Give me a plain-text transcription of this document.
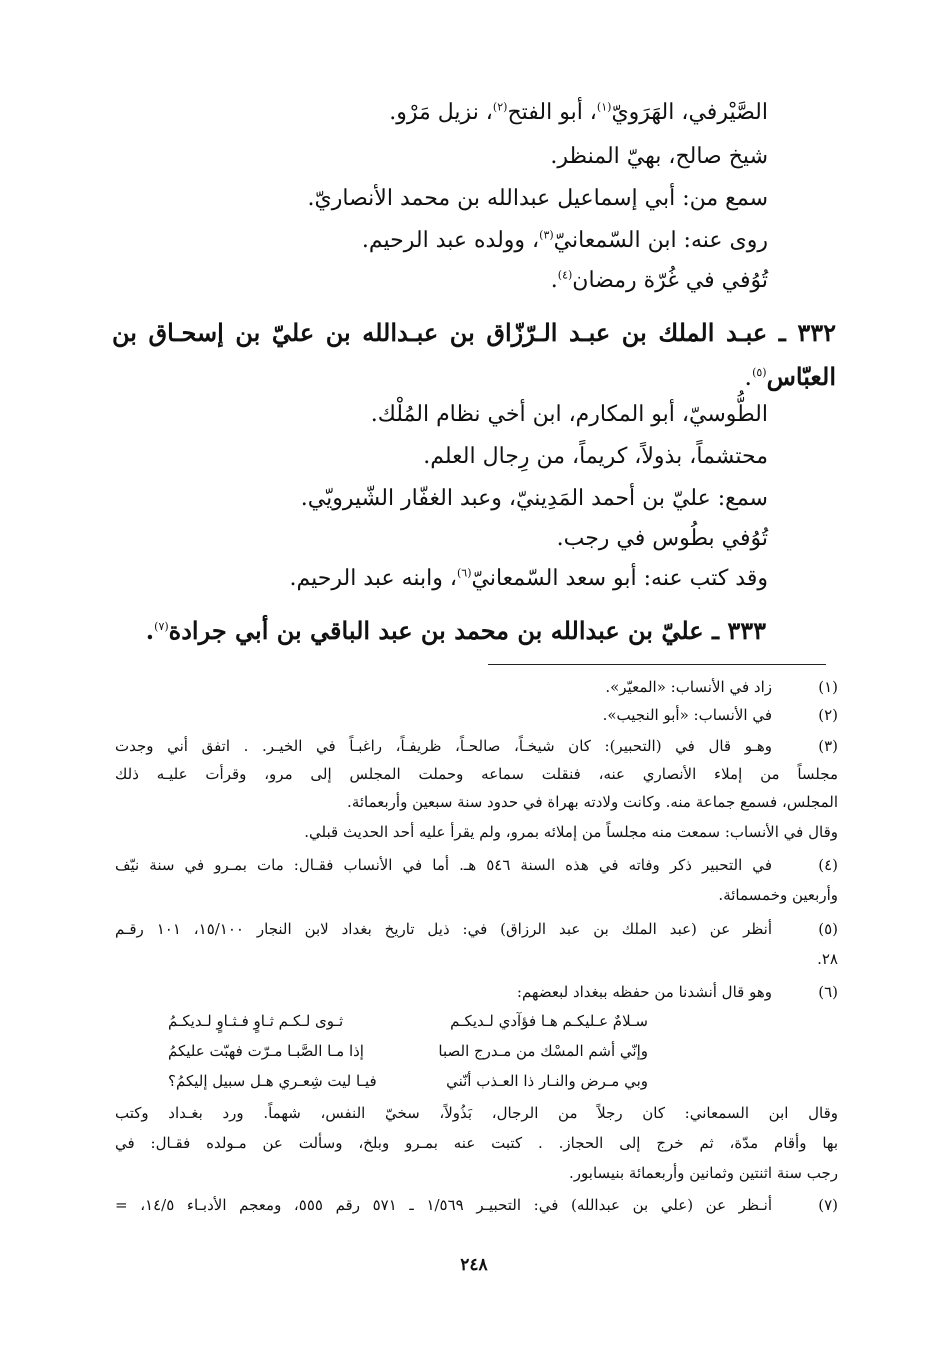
الصَّيْرفي، الهَرَويّ$^{(١)}$، أبو الفتح$^{(٢)}$، نزيل مَرْو.
شيخ صالح، بهيّ المنظر.
سمع من: أبي إسماعيل عبدالله بن محمد الأنصاريّ.
روى عنه: ابن السّمعانيّ$^{(٣)}$، وولده عبد الرحيم.
تُوُفي في غُرّة رمضان$^{(٤)}$.
٣٣٢ ـ عبـد الملك بن عبـد الـرّزّاق بن عبـدالله بن عليّ بن إسحـاق بن
العبّاس$^{(٥)}$.
الطُّوسيّ، أبو المكارم، ابن أخي نظام المُلْك.
محتشماً، بذولاً، كريماً، من رِجال العلم.
سمع: عليّ بن أحمد المَدِينيّ، وعبد الغفّار الشّيرويّي.
تُوُفي بطُوس في رجب.
وقد كتب عنه: أبو سعد السّمعانيّ$^{(٦)}$، وابنه عبد الرحيم.
٣٣٣ ـ عليّ بن عبدالله بن محمد بن عبد الباقي بن أبي جرادة$^{(٧)}$.
(١)
زاد في الأنساب: «المعيّر».
(٢)
في الأنساب: «أبو النجيب».
(٣)
وهـو قال في (التحبير): كان شيخـاً، صالحـاً، ظريفـاً، راغبـاً في الخيـر. . اتفق أني وجدت
مجلساً من إملاء الأنصاري عنه، فنقلت سماعه وحملت المجلس إلى مرو، وقرأت عليـه ذلك
المجلس، فسمع جماعة منه. وكانت ولادته بهراة في حدود سنة سبعين وأربعمائة.
وقال في الأنساب: سمعت منه مجلساً من إملائه بمرو، ولم يقرأ عليه أحد الحديث قبلي.
(٤)
في التحبير ذكر وفاته في هذه السنة ٥٤٦ هـ. أما في الأنساب فقـال: مات بمـرو في سنة نيّف
وأربعين وخمسمائة.
(٥)
أنظر عن (عبد الملك بن عبد الرزاق) في: ذيل تاريخ بغداد لابن النجار ١٥/١٠٠، ١٠١ رقـم
٢٨.
(٦)
وهو قال أنشدنا من حفظه ببغداد لبعضهم:
سـلامٌ عـليكـم هـا فؤآدي لـديكـم
ثـوى لـكـم ثـاوٍ فـثـاوٍ لـديكـمُ
وإنّي أشم المسْك من مـدرج الصبا
إذا مـا الصَّبـا مـرّت فهبّت عليكمُ
وبي مـرض والنـار ذا العـذب أنّني
فيـا ليت شِعـري هـل سبيل إليكمُ؟
وقال ابن السمعاني: كان رجلاً من الرجال، بَذُولاً، سخيّ النفس، شهماً. ورد بغـداد وكتب
بها وأقام مدّة، ثم خرج إلى الحجاز. . كتبت عنه بمـرو وبلخ، وسألت عن مـولده فقـال: في
رجب سنة اثنتين وثمانين وأربعمائة بنيسابور.
(٧)
أنـظر عن (علي بن عبدالله) في: التحبيـر ١/٥٦٩ ـ ٥٧١ رقم ٥٥٥، ومعجم الأدبـاء ١٤/٥، =
٢٤٨
